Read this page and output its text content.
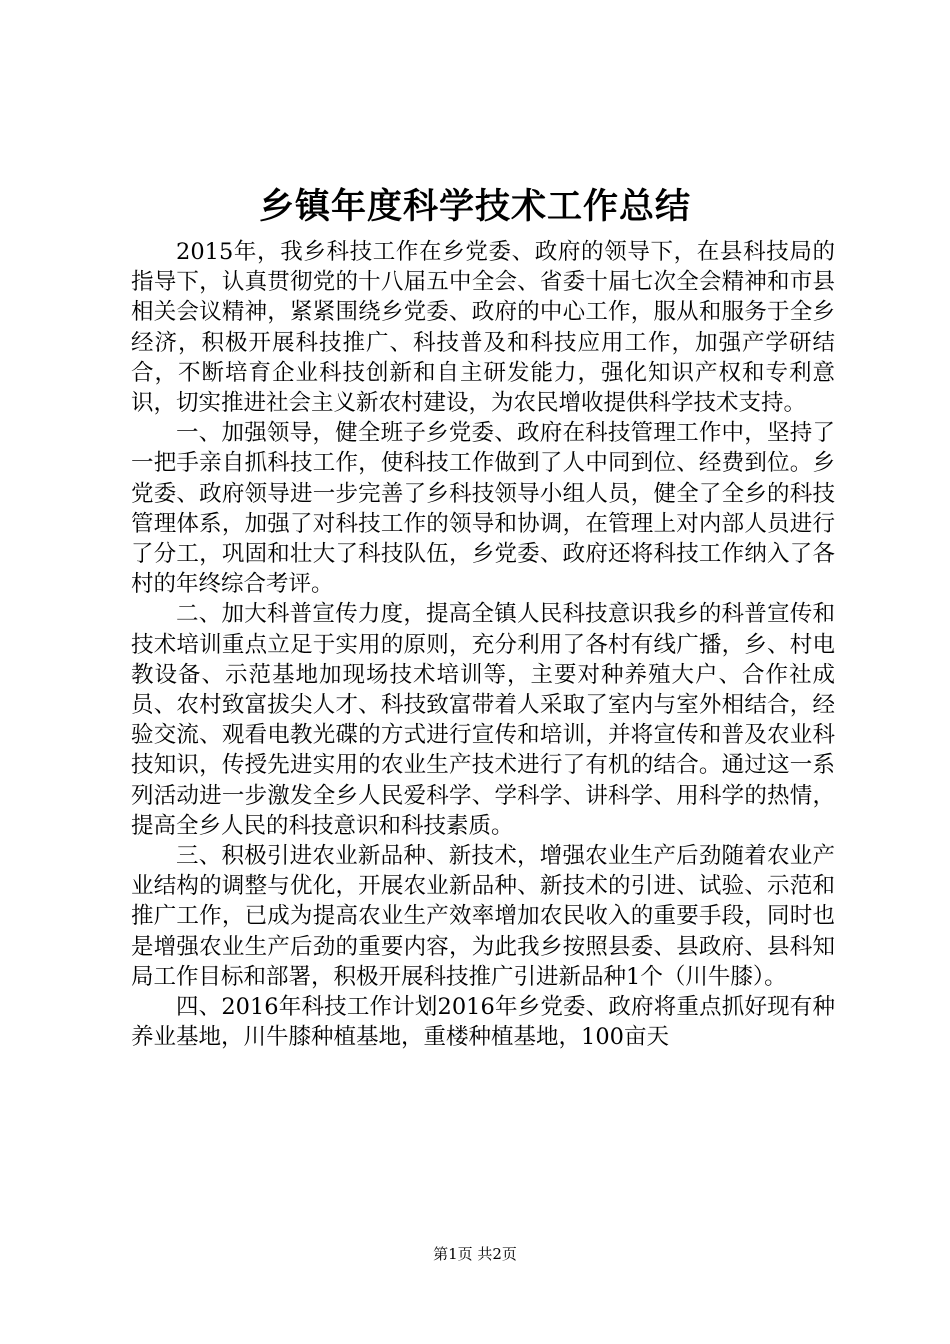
乡镇年度科学技术工作总结

2015年，我乡科技工作在乡党委、政府的领导下，在县科技局的指导下，认真贯彻党的十八届五中全会、省委十届七次全会精神和市县相关会议精神，紧紧围绕乡党委、政府的中心工作，服从和服务于全乡经济，积极开展科技推广、科技普及和科技应用工作，加强产学研结合，不断培育企业科技创新和自主研发能力，强化知识产权和专利意识，切实推进社会主义新农村建设，为农民增收提供科学技术支持。

一、加强领导，健全班子乡党委、政府在科技管理工作中，坚持了一把手亲自抓科技工作，使科技工作做到了人中同到位、经费到位。乡党委、政府领导进一步完善了乡科技领导小组人员，健全了全乡的科技管理体系，加强了对科技工作的领导和协调，在管理上对内部人员进行了分工，巩固和壮大了科技队伍，乡党委、政府还将科技工作纳入了各村的年终综合考评。

二、加大科普宣传力度，提高全镇人民科技意识我乡的科普宣传和技术培训重点立足于实用的原则，充分利用了各村有线广播，乡、村电教设备、示范基地加现场技术培训等，主要对种养殖大户、合作社成员、农村致富拔尖人才、科技致富带着人采取了室内与室外相结合，经验交流、观看电教光碟的方式进行宣传和培训，并将宣传和普及农业科技知识，传授先进实用的农业生产技术进行了有机的结合。通过这一系列活动进一步激发全乡人民爱科学、学科学、讲科学、用科学的热情，提高全乡人民的科技意识和科技素质。

三、积极引进农业新品种、新技术，增强农业生产后劲随着农业产业结构的调整与优化，开展农业新品种、新技术的引进、试验、示范和推广工作，已成为提高农业生产效率增加农民收入的重要手段，同时也是增强农业生产后劲的重要内容，为此我乡按照县委、县政府、县科知局工作目标和部署，积极开展科技推广引进新品种1个（川牛膝）。

四、2016年科技工作计划2016年乡党委、政府将重点抓好现有种养业基地，川牛膝种植基地，重楼种植基地，100亩天

第1页 共2页
